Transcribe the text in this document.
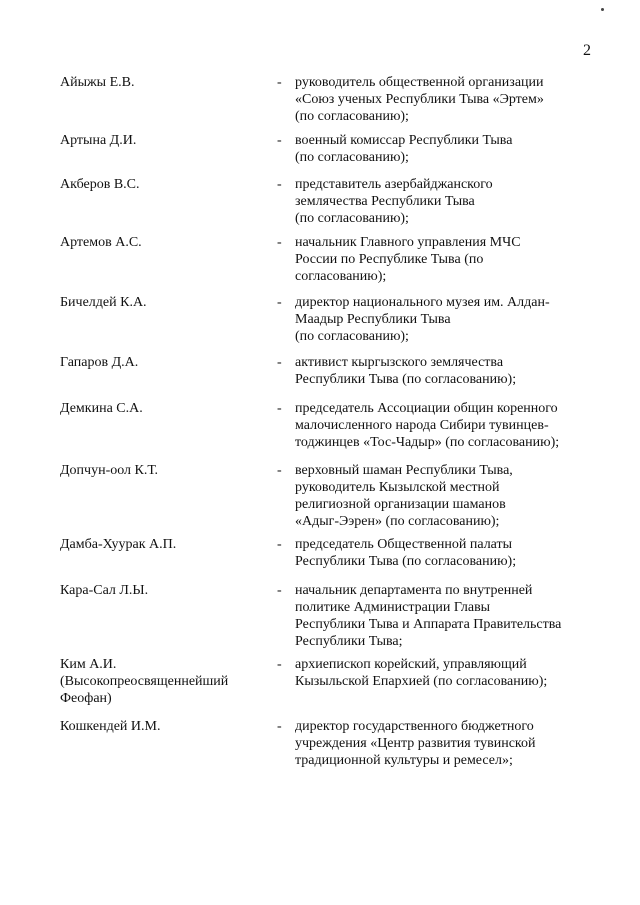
2
Айыжы Е.В.	- руководитель общественной организации
«Союз ученых Республики Тыва «Эртем»
(по согласованию);
Артына Д.И.	- военный комиссар Республики Тыва
(по согласованию);
Акберов В.С.	- представитель азербайджанского
землячества Республики Тыва
(по согласованию);
Артемов А.С.	- начальник Главного управления МЧС
России по Республике Тыва (по
согласованию);
Бичелдей К.А.	- директор национального музея им. Алдан-
Маадыр Республики Тыва
(по согласованию);
Гапаров Д.А.	- активист кыргызского землячества
Республики Тыва (по согласованию);
Демкина С.А.	- председатель Ассоциации общин коренного
малочисленного народа Сибири тувинцев-
тоджинцев «Тос-Чадыр» (по согласованию);
Допчун-оол К.Т.	- верховный шаман Республики Тыва,
руководитель Кызылской местной
религиозной организации шаманов
«Адыг-Ээрен» (по согласованию);
Дамба-Хуурак А.П.	- председатель Общественной палаты
Республики Тыва (по согласованию);
Кара-Сал Л.Ы.	- начальник департамента по внутренней
политике Администрации Главы
Республики Тыва и Аппарата Правительства
Республики Тыва;
Ким А.И.
(Высокопреосвященнейший
Феофан)
- архиепископ корейский, управляющий
Кызыльской Епархией (по согласованию);
Кошкендей И.М.	- директор государственного бюджетного
учреждения «Центр развития тувинской
традиционной культуры и ремесел»;
